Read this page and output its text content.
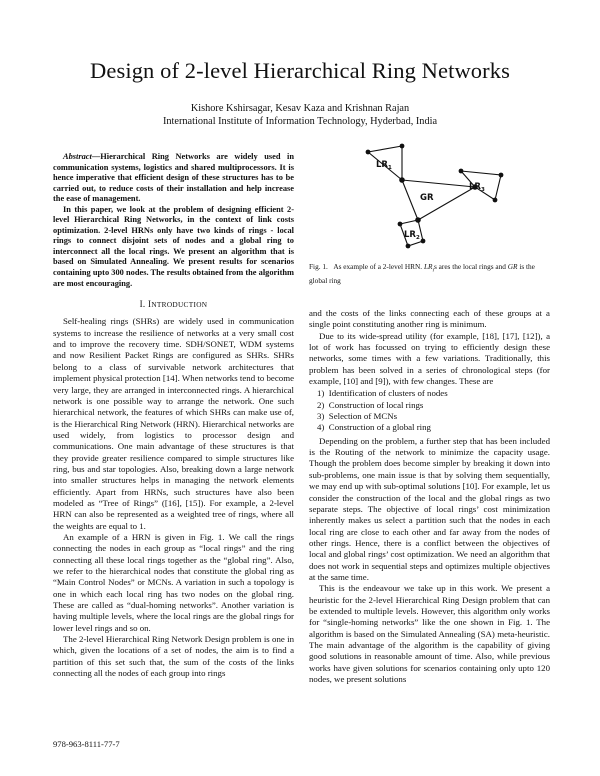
Design of 2-level Hierarchical Ring Networks
Kishore Kshirsagar, Kesav Kaza and Krishnan Rajan
International Institute of Information Technology, Hyderbad, India

Abstract—Hierarchical Ring Networks are widely used in communication systems, logistics and shared multiprocessors. It is hence imperative that efficient design of these structures has to be carried out, to reduce costs of their installation and help increase the ease of management.

In this paper, we look at the problem of designing efficient 2-level Hierarchical Ring Networks, in the context of link costs optimization. 2-level HRNs only have two kinds of rings - local rings to connect disjoint sets of nodes and a global ring to interconnect all the local rings. We present an algorithm that is based on Simulated Annealing. We present results for scenarios containing upto 300 nodes. The results obtained from the algorithm are most encouraging.

I. INTRODUCTION

Self-healing rings (SHRs) are widely used in communication systems to increase the resilience of networks at a very small cost and to improve the recovery time. SDH/SONET, WDM systems and now Resilient Packet Rings are configured as SHRs. SHRs belong to a class of survivable network architectures that implement physical protection [14]. When networks tend to become very large, they are arranged in interconnected rings. A hierarchical network is one possible way to arrange the network. One such hierarchical network, the features of which SHRs can make use of, is the Hierarchical Ring Network (HRN). Hierarchical networks are used widely, from logistics to processor design and communications. One main advantage of these structures is that they provide greater resilience compared to simple structures like ring, bus and star topologies. Also, breaking down a large network into smaller structures helps in managing the network elements efficiently. Apart from HRNs, such structures have also been modeled as “Tree of Rings” ([16], [15]). For example, a 2-level HRN can also be represented as a weighted tree of rings, where all the weights are equal to 1.

An example of a HRN is given in Fig. 1. We call the rings connecting the nodes in each group as “local rings” and the ring connecting all these local rings together as the “global ring”. Also, we refer to the hierarchical nodes that constitute the global ring as “Main Control Nodes” or MCNs. A variation in such a topology is one in which each local ring has two nodes on the global ring. These are called as “dual-homing networks”. Another variation is having multiple levels, where the local rings are the global rings for lower level rings and so on.

The 2-level Hierarchical Ring Network Design problem is one in which, given the locations of a set of nodes, the aim is to find a partition of this set such that, the sum of the costs of the links connecting all the nodes of each group into rings

$LR_1$
GR
$LR_3$
$LR_2$
Fig. 1. As example of a 2-level HRN. $LR_is$ ares the local rings and GR is the global ring

and the costs of the links connecting each of these groups at a single point constituting another ring is minimum.

Due to its wide-spread utility (for example, [18], [17], [12]), a lot of work has focussed on trying to efficiently design these networks, some times with a few variations. Traditionally, this problem has been solved in a series of chronological steps (for example, [10] and [9]), with few changes. These are

1) Identification of clusters of nodes
2) Construction of local rings
3) Selection of MCNs
4) Construction of a global ring

Depending on the problem, a further step that has been included is the Routing of the network to minimize the capacity usage. Though the problem does become simpler by breaking it down into sub-problems, one main issue is that by solving them sequentially, we may end up with sub-optimal solutions [10]. For example, let us consider the construction of the local and the global rings as two separate steps. The objective of local rings’ cost minimization inherently makes us select a partition such that the nodes in each local ring are close to each other and far away from the nodes of other rings. Hence, there is a conflict between the objectives of local and global rings’ cost optimization. We need an algorithm that does not work in sequential steps and optimizes multiple objectives at the same time.

This is the endeavour we take up in this work. We present a heuristic for the 2-level Hierarchical Ring Design problem that can be extended to multiple levels. However, this algorithm only works for “single-homing networks” like the one shown in Fig. 1. The algorithm is based on the Simulated Annealing (SA) meta-heuristic. The main advantage of the algorithm is the capability of giving good solutions in reasonable amount of time. Also, while previous works have given solutions for scenarios containing only upto 120 nodes, we present solutions

978-963-8111-77-7
